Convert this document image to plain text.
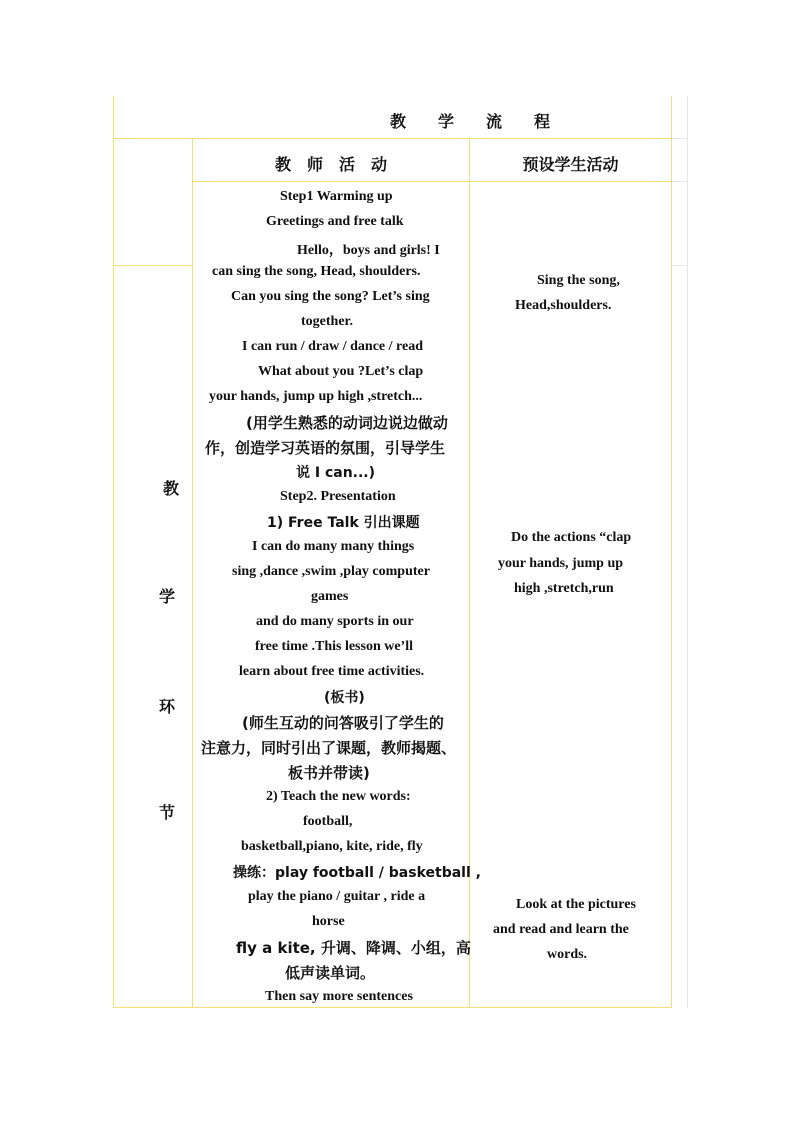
教　　学　　流　　程
教　师　活　动	预设学生活动
教
学
环
节
Step1 Warming up
Greetings and free talk
Hello，boys and girls! I
can sing the song, Head, shoulders.
Can you sing the song? Let’s sing
together.
I can run / draw / dance / read
What about you ?Let’s clap
your hands, jump up high ,stretch...
(用学生熟悉的动词边说边做动
作，创造学习英语的氛围，引导学生
说 I can...)
Step2. Presentation
1) Free Talk 引出课题
I can do many many things
sing ,dance ,swim ,play computer
games
and do many sports in our
free time .This lesson we’ll
learn about free time activities.
(板书)
(师生互动的问答吸引了学生的
注意力，同时引出了课题，教师揭题、
板书并带读)
2) Teach the new words:
football,
basketball,piano, kite, ride, fly
操练：play football / basketball ,
play the piano / guitar , ride a
horse
fly a kite, 升调、降调、小组，高
低声读单词。
Then say more sentences
Sing the song,
Head,shoulders.
Do the actions “clap
your hands, jump up
high ,stretch,run
Look at the pictures
and read and learn the
words.
